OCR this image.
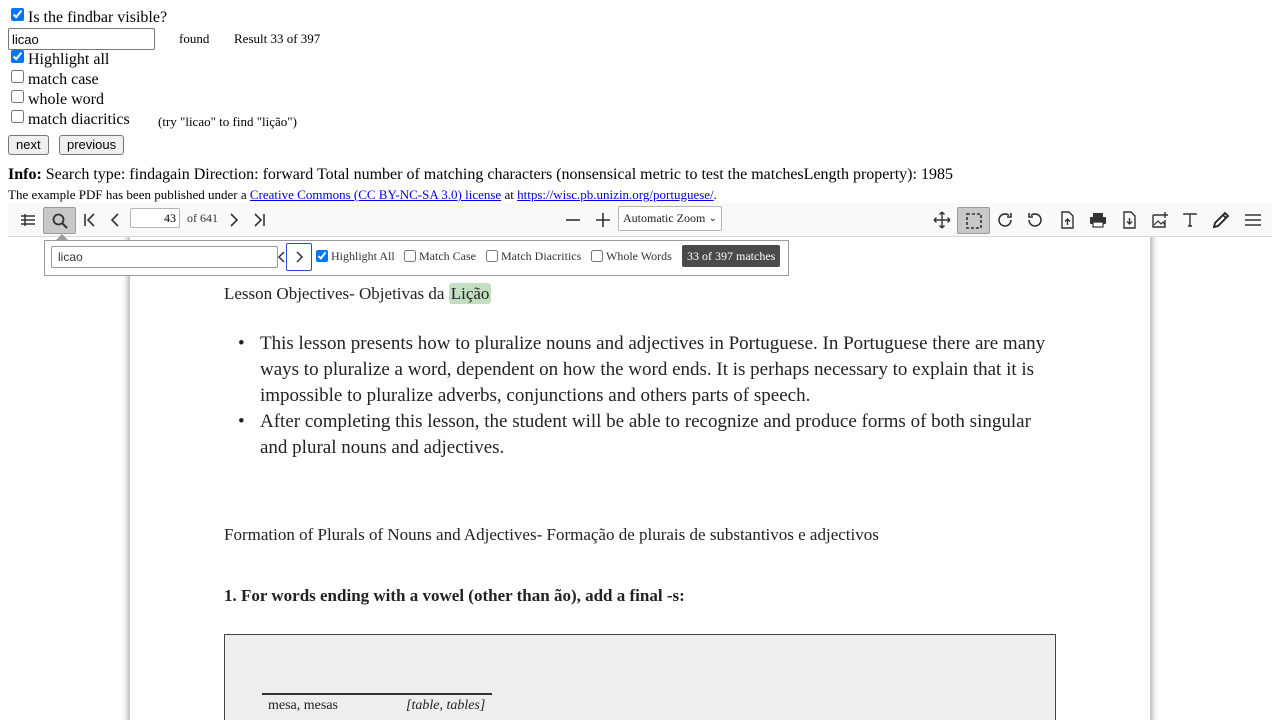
Is the findbar visible?
licao
found Result 33 of 397
Highlight all
match case
whole word
match diacritics (try "licao" to find "lição")
next	previous
Info: Search type: findagain Direction: forward Total number of matching characters (nonsensical metric to test the matchesLength property): 1985
The example PDF has been published under a Creative Commons (CC BY-NC-SA 3.0) license at https://wisc.pb.unizin.org/portuguese/.
Lesson Objectives- Objetivas da Lição
• This lesson presents how to pluralize nouns and adjectives in Portuguese. In Portuguese there are many ways to pluralize a word, dependent on how the word ends. It is perhaps necessary to explain that it is impossible to pluralize adverbs, conjunctions and others parts of speech.
• After completing this lesson, the student will be able to recognize and produce forms of both singular and plural nouns and adjectives.
Formation of Plurals of Nouns and Adjectives- Formação de plurais de substantivos e adjectivos
1. For words ending with a vowel (other than ão), add a final -s:
mesa, mesas	[table, tables]
43
of 641	Automatic Zoom ⌄
licao
Highlight All	Match Case	Match Diacritics	Whole Words	33 of 397 matches
